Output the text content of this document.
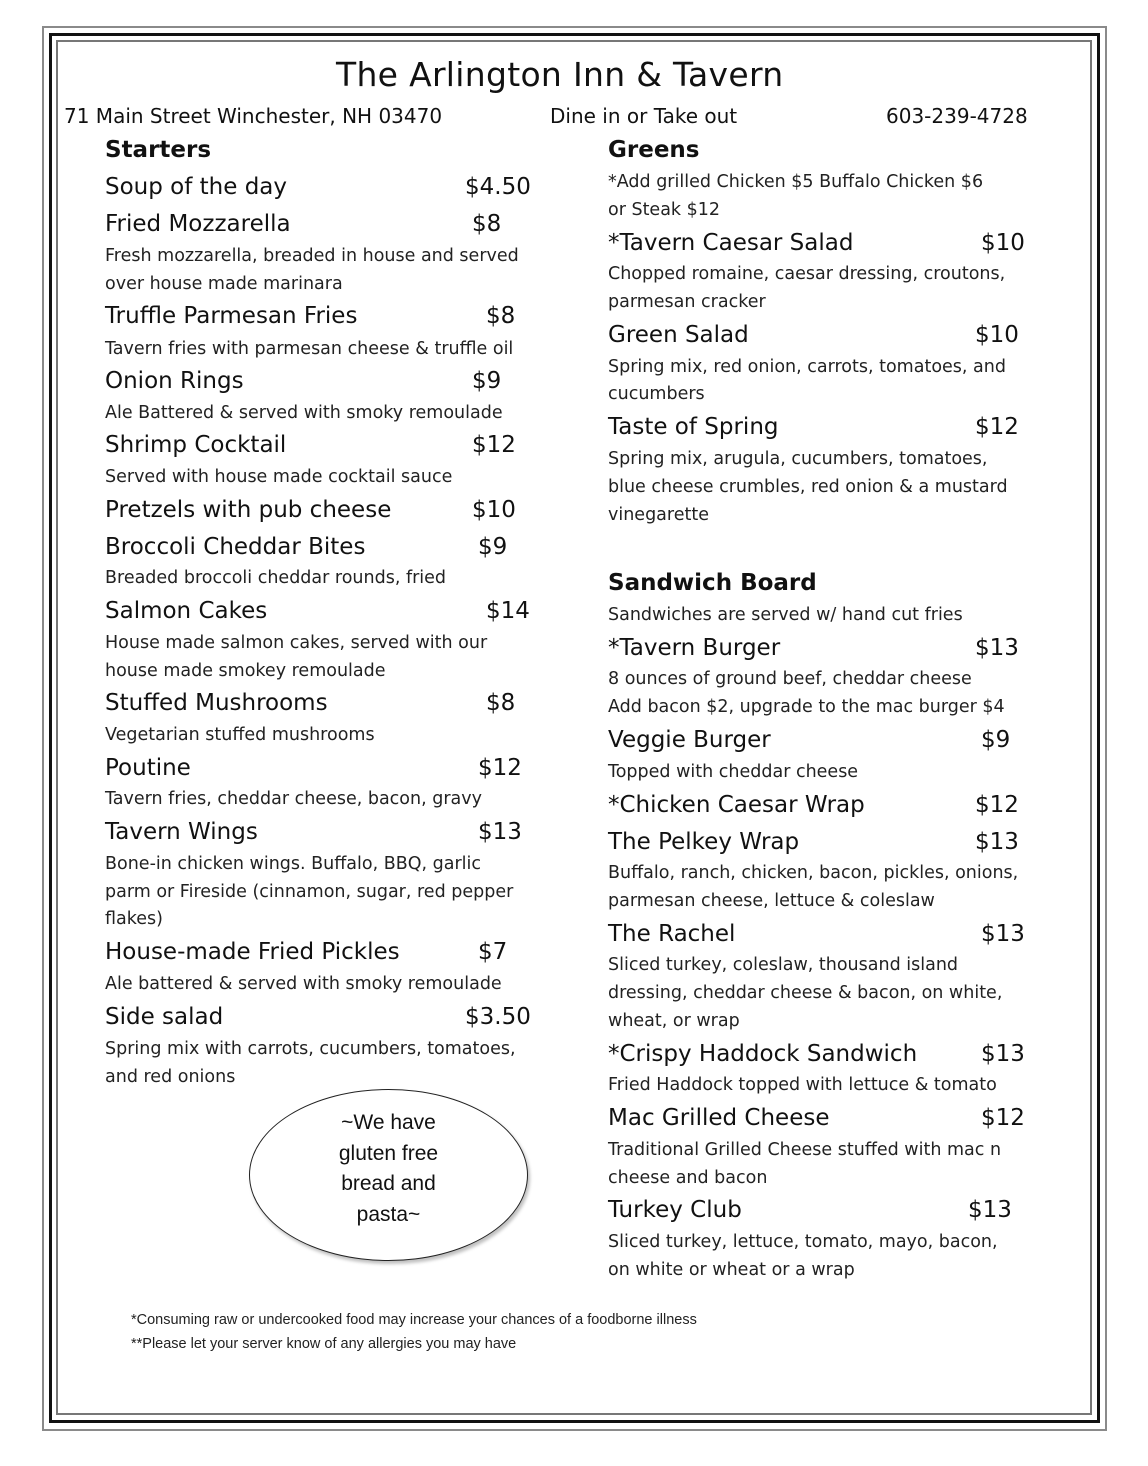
The Arlington Inn & Tavern
71 Main Street Winchester, NH 03470	Dine in or Take out	603-239-4728
Starters
Soup of the day	$4.50
Fried Mozzarella	$8
Fresh mozzarella, breaded in house and served
over house made marinara
Truffle Parmesan Fries	$8
Tavern fries with parmesan cheese & truffle oil
Onion Rings	$9
Ale Battered & served with smoky remoulade
Shrimp Cocktail	$12
Served with house made cocktail sauce
Pretzels with pub cheese	$10
Broccoli Cheddar Bites	$9
Breaded broccoli cheddar rounds, fried
Salmon Cakes	$14
House made salmon cakes, served with our
house made smokey remoulade
Stuffed Mushrooms	$8
Vegetarian stuffed mushrooms
Poutine	$12
Tavern fries, cheddar cheese, bacon, gravy
Tavern Wings	$13
Bone-in chicken wings. Buffalo, BBQ, garlic
parm or Fireside (cinnamon, sugar, red pepper
flakes)
House-made Fried Pickles	$7
Ale battered & served with smoky remoulade
Side salad	$3.50
Spring mix with carrots, cucumbers, tomatoes,
and red onions
Greens
*Add grilled Chicken $5 Buffalo Chicken $6
or Steak $12
*Tavern Caesar Salad	$10
Chopped romaine, caesar dressing, croutons,
parmesan cracker
Green Salad	$10
Spring mix, red onion, carrots, tomatoes, and
cucumbers
Taste of Spring	$12
Spring mix, arugula, cucumbers, tomatoes,
blue cheese crumbles, red onion & a mustard
vinegarette
Sandwich Board
Sandwiches are served w/ hand cut fries
*Tavern Burger	$13
8 ounces of ground beef, cheddar cheese
Add bacon $2, upgrade to the mac burger $4
Veggie Burger	$9
Topped with cheddar cheese
*Chicken Caesar Wrap	$12
The Pelkey Wrap	$13
Buffalo, ranch, chicken, bacon, pickles, onions,
parmesan cheese, lettuce & coleslaw
The Rachel	$13
Sliced turkey, coleslaw, thousand island
dressing, cheddar cheese & bacon, on white,
wheat, or wrap
*Crispy Haddock Sandwich	$13
Fried Haddock topped with lettuce & tomato
Mac Grilled Cheese	$12
Traditional Grilled Cheese stuffed with mac n
cheese and bacon
Turkey Club	$13
Sliced turkey, lettuce, tomato, mayo, bacon,
on white or wheat or a wrap
~We have
gluten free
bread and
pasta~
*Consuming raw or undercooked food may increase your chances of a foodborne illness
**Please let your server know of any allergies you may have
